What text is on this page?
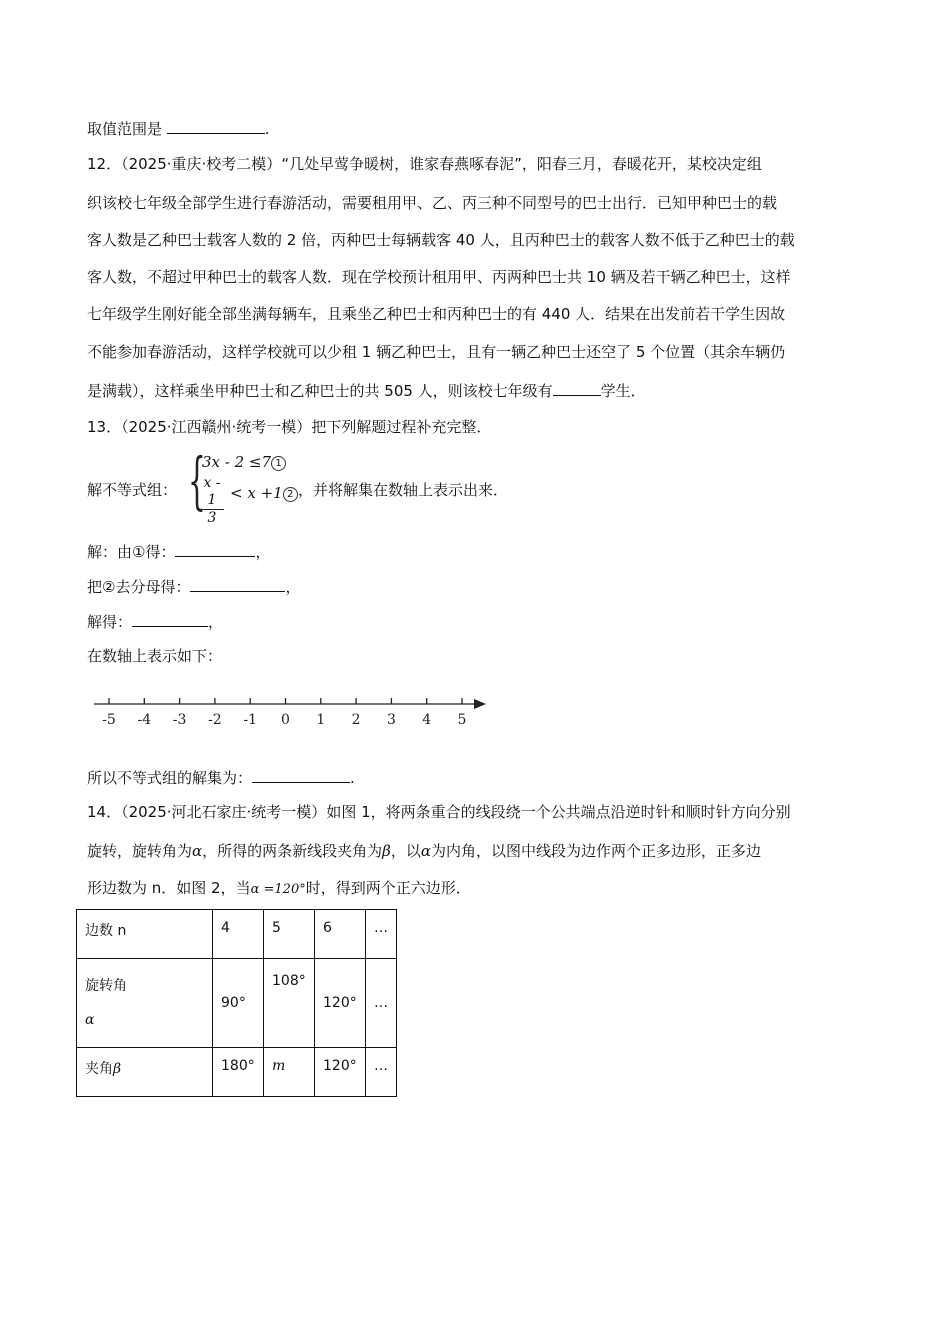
取值范围是	.
12．（2025·重庆·校考二模）“几处早莺争暖树，谁家春燕啄春泥”，阳春三月，春暖花开，某校决定组
织该校七年级全部学生进行春游活动，需要租用甲、乙、丙三种不同型号的巴士出行．已知甲种巴士的载
客人数是乙种巴士载客人数的 2 倍，丙种巴士每辆载客 40 人，且丙种巴士的载客人数不低于乙种巴士的载
客人数，不超过甲种巴士的载客人数．现在学校预计租用甲、丙两种巴士共 10 辆及若干辆乙种巴士，这样
七年级学生刚好能全部坐满每辆车，且乘坐乙种巴士和丙种巴士的有 440 人．结果在出发前若干学生因故
不能参加春游活动，这样学校就可以少租 1 辆乙种巴士，且有一辆乙种巴士还空了 5 个位置（其余车辆仍
是满载），这样乘坐甲种巴士和乙种巴士的共 505 人，则该校七年级有	学生．
13．（2025·江西赣州·统考一模）把下列解题过程补充完整．
解不等式组： {
3x - 2 ≤7 1
$\frac{x - 1}{3} < x +1$ 2 ，并将解集在数轴上表示出来．
解：由①得：	，
把②去分母得：	，
解得：	，
在数轴上表示如下：
-5 -4 -3 -2 -1 0 1 2 3 4 5
所以不等式组的解集为：	.
14．（2025·河北石家庄·统考一模）如图 1，将两条重合的线段绕一个公共端点沿逆时针和顺时针方向分别
旋转，旋转角为α，所得的两条新线段夹角为β，以α为内角，以图中线段为边作两个正多边形，正多边
形边数为 n．如图 2，当α =120°时，得到两个正六边形．
边数 n	4	5	6	…
旋转角
α	90°	108°	120°	…
夹角β	180°	m	120°	…
